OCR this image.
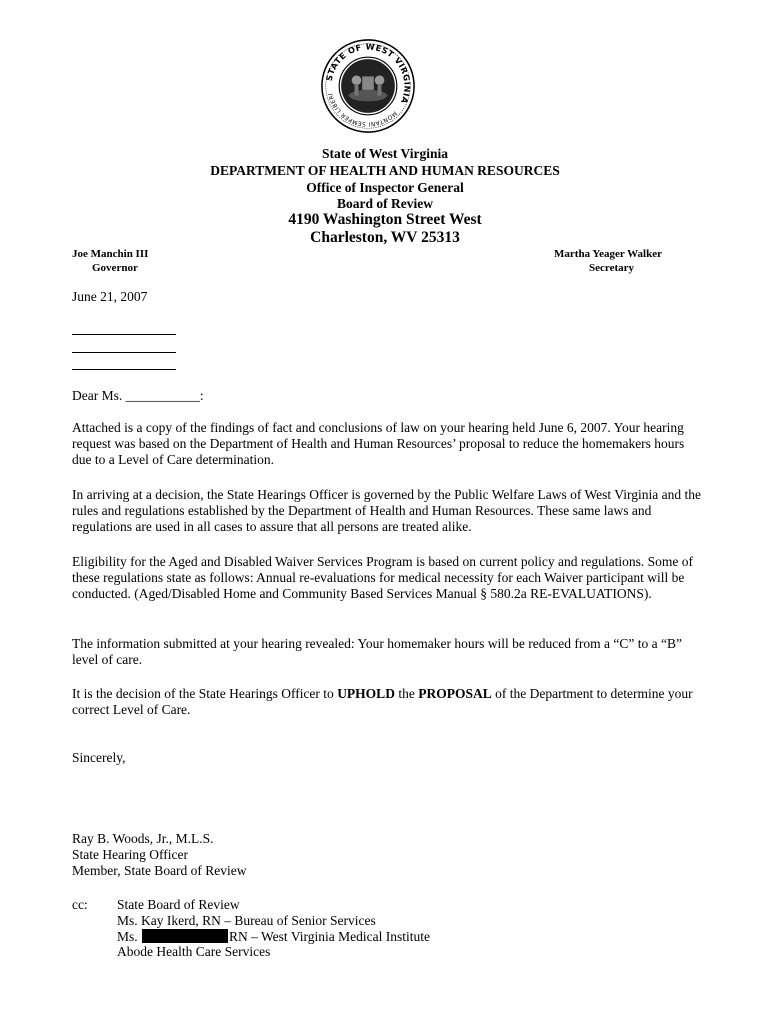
STATE OF WEST VIRGINIA
MONTANI SEMPER LIBERI
State of West Virginia
DEPARTMENT OF HEALTH AND HUMAN RESOURCES
Office of Inspector General
Board of Review
4190 Washington Street West
Charleston, WV 25313
Joe Manchin III
Governor
Martha Yeager Walker
Secretary
June 21, 2007
Dear Ms. ___________:
Attached is a copy of the findings of fact and conclusions of law on your hearing held June 6, 2007. Your hearing request was based on the Department of Health and Human Resources’ proposal to reduce the homemakers hours due to a Level of Care determination.
In arriving at a decision, the State Hearings Officer is governed by the Public Welfare Laws of West Virginia and the rules and regulations established by the Department of Health and Human Resources. These same laws and regulations are used in all cases to assure that all persons are treated alike.
Eligibility for the Aged and Disabled Waiver Services Program is based on current policy and regulations. Some of these regulations state as follows: Annual re-evaluations for medical necessity for each Waiver participant will be conducted. (Aged/Disabled Home and Community Based Services Manual § 580.2a RE-EVALUATIONS).
The information submitted at your hearing revealed: Your homemaker hours will be reduced from a “C” to a “B” level of care.
It is the decision of the State Hearings Officer to UPHOLD the PROPOSAL of the Department to determine your correct Level of Care.
Sincerely,
Ray B. Woods, Jr., M.L.S.
State Hearing Officer
Member, State Board of Review
cc: State Board of Review
Ms. Kay Ikerd, RN – Bureau of Senior Services
Ms.	RN – West Virginia Medical Institute
Abode Health Care Services
